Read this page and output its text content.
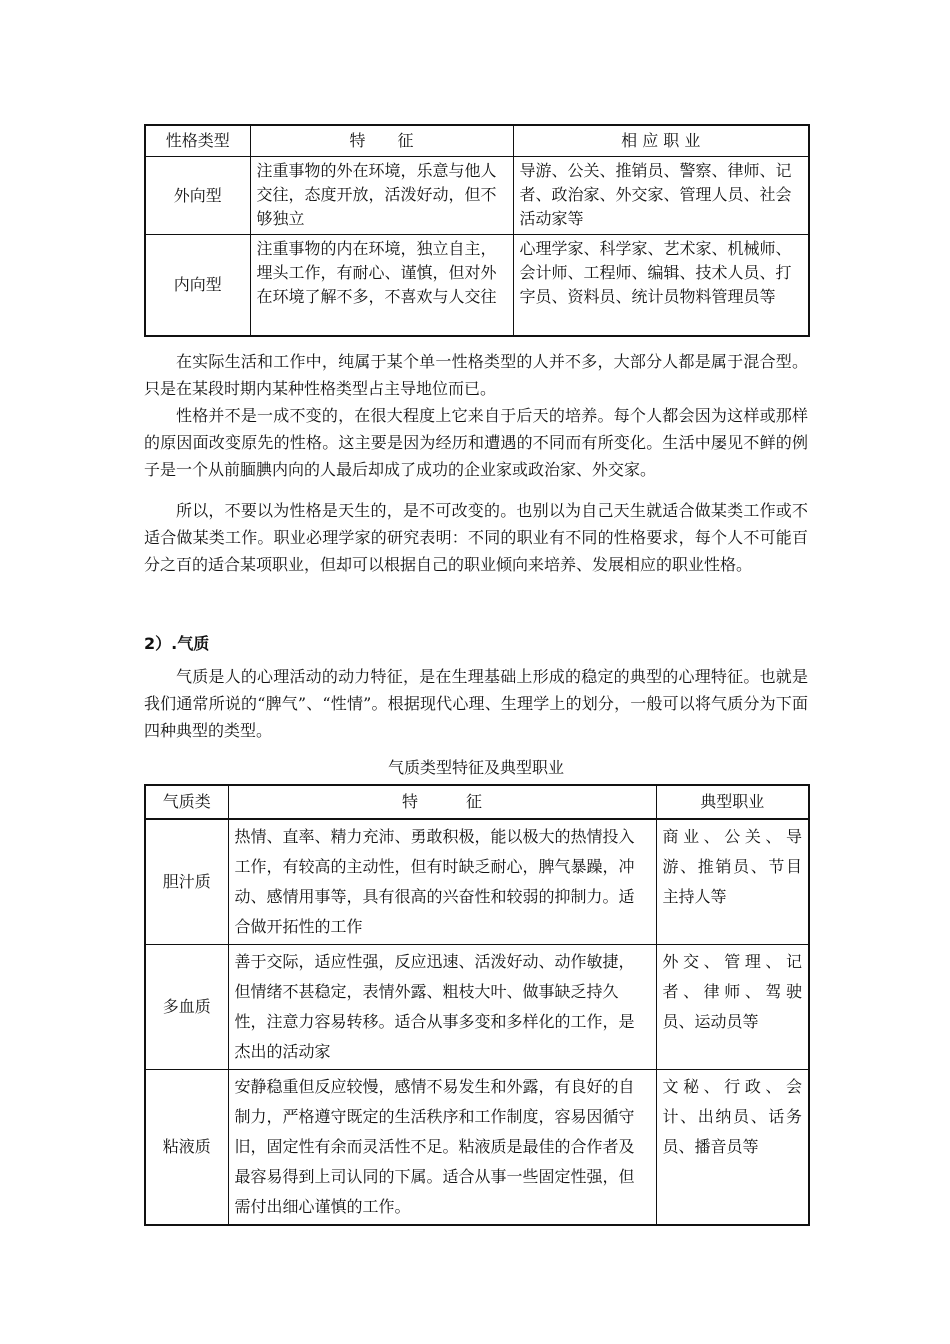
性格类型	特　　征	相 应 职 业
外向型	注重事物的外在环境，乐意与他人交往，态度开放，活泼好动，但不够独立	导游、公关、推销员、警察、律师、记者、政治家、外交家、管理人员、社会活动家等
内向型	注重事物的内在环境，独立自主，埋头工作，有耐心、谨慎，但对外在环境了解不多，不喜欢与人交往	心理学家、科学家、艺术家、机械师、会计师、工程师、编辑、技术人员、打字员、资料员、统计员物料管理员等

在实际生活和工作中，纯属于某个单一性格类型的人并不多，大部分人都是属于混合型。只是在某段时期内某种性格类型占主导地位而已。

性格并不是一成不变的，在很大程度上它来自于后天的培养。每个人都会因为这样或那样的原因面改变原先的性格。这主要是因为经历和遭遇的不同而有所变化。生活中屡见不鲜的例子是一个从前腼腆内向的人最后却成了成功的企业家或政治家、外交家。

所以，不要以为性格是天生的，是不可改变的。也别以为自己天生就适合做某类工作或不适合做某类工作。职业必理学家的研究表明：不同的职业有不同的性格要求，每个人不可能百分之百的适合某项职业，但却可以根据自己的职业倾向来培养、发展相应的职业性格。

2）.气质

气质是人的心理活动的动力特征，是在生理基础上形成的稳定的典型的心理特征。也就是我们通常所说的“脾气”、“性情”。根据现代心理、生理学上的划分，一般可以将气质分为下面四种典型的类型。

气质类型特征及典型职业

气质类	特　　　征	典型职业
胆汁质	热情、直率、精力充沛、勇敢积极，能以极大的热情投入工作，有较高的主动性，但有时缺乏耐心，脾气暴躁，冲动、感情用事等，具有很高的兴奋性和较弱的抑制力。适合做开拓性的工作	商业、公关、导游、推销员、节目主持人等
多血质	善于交际，适应性强，反应迅速、活泼好动、动作敏捷，但情绪不甚稳定，表情外露、粗枝大叶、做事缺乏持久性，注意力容易转移。适合从事多变和多样化的工作，是杰出的活动家	外交、管理、记者、律师、驾驶员、运动员等
粘液质	安静稳重但反应较慢，感情不易发生和外露，有良好的自制力，严格遵守既定的生活秩序和工作制度，容易因循守旧，固定性有余而灵活性不足。粘液质是最佳的合作者及最容易得到上司认同的下属。适合从事一些固定性强，但需付出细心谨慎的工作。	文秘、行政、会计、出纳员、话务员、播音员等
